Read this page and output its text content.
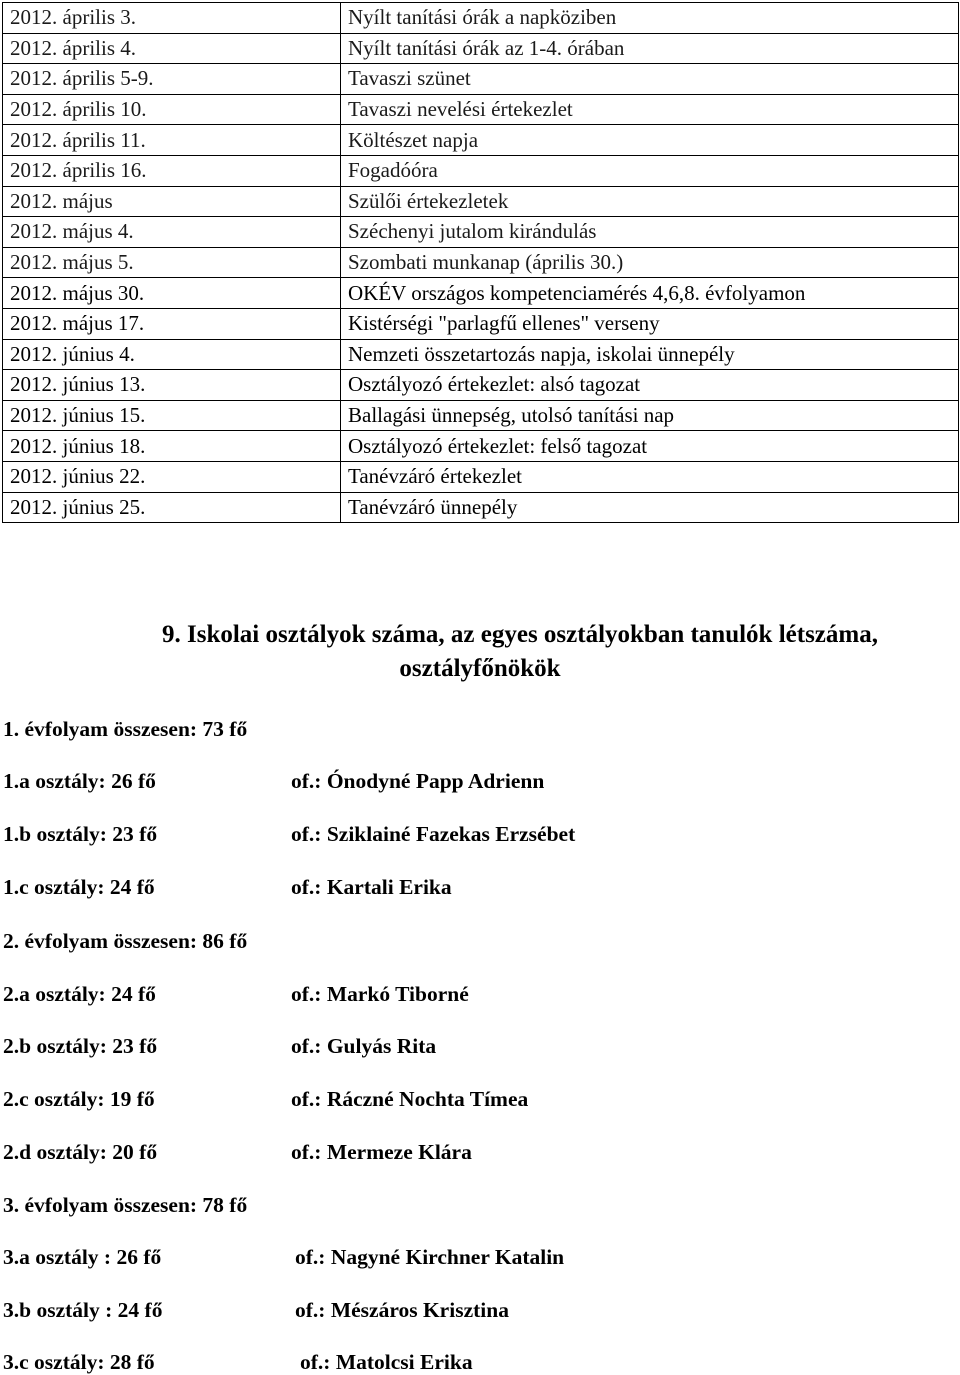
2012. április 3.	Nyílt tanítási órák a napköziben
2012. április 4.	Nyílt tanítási órák az 1-4. órában
2012. április 5-9.	Tavaszi szünet
2012. április 10.	Tavaszi nevelési értekezlet
2012. április 11.	Költészet napja
2012. április 16.	Fogadóóra
2012. május	Szülői értekezletek
2012. május 4.	Széchenyi jutalom kirándulás
2012. május 5.	Szombati munkanap (április 30.)
2012. május 30.	OKÉV országos kompetenciamérés 4,6,8. évfolyamon
2012. május 17.	Kistérségi "parlagfű ellenes" verseny
2012. június 4.	Nemzeti összetartozás napja, iskolai ünnepély
2012. június 13.	Osztályozó értekezlet: alsó tagozat
2012. június 15.	Ballagási ünnepség, utolsó tanítási nap
2012. június 18.	Osztályozó értekezlet: felső tagozat
2012. június 22.	Tanévzáró értekezlet
2012. június 25.	Tanévzáró ünnepély
9. Iskolai osztályok száma, az egyes osztályokban tanulók létszáma,
osztályfőnökök
1. évfolyam összesen: 73 fő
1.a osztály: 26 fő	of.: Ónodyné Papp Adrienn
1.b osztály: 23 fő	of.: Sziklainé Fazekas Erzsébet
1.c osztály: 24 fő	of.: Kartali Erika
2. évfolyam összesen: 86 fő
2.a osztály: 24 fő	of.: Markó Tiborné
2.b osztály: 23 fő	of.: Gulyás Rita
2.c osztály: 19 fő	of.: Ráczné Nochta Tímea
2.d osztály: 20 fő	of.: Mermeze Klára
3. évfolyam összesen: 78 fő
3.a osztály : 26 fő	of.: Nagyné Kirchner Katalin
3.b osztály : 24 fő	of.: Mészáros Krisztina
3.c osztály: 28 fő	of.: Matolcsi Erika
